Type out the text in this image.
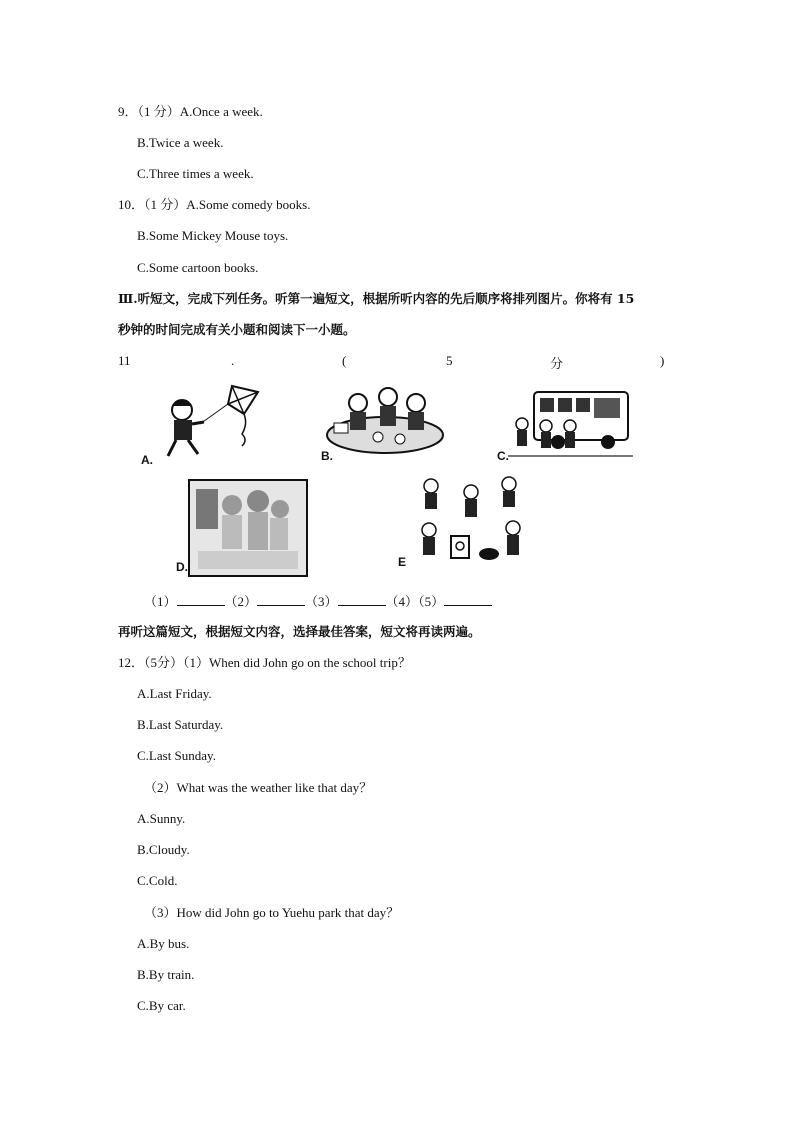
9．（1 分）A.Once a week.
B.Twice a week.
C.Three times a week.
10．（1 分）A.Some comedy books.
B.Some Mickey Mouse toys.
C.Some cartoon books.
Ⅲ.听短文，完成下列任务。听第一遍短文，根据所听内容的先后顺序将排列图片。你将有 15
秒钟的时间完成有关小题和阅读下一小题。
11	.	(	5	分	)
A.	B.	C.
D.	E
（1）	（2）	（3）	（4）（5）
再听这篇短文，根据短文内容，选择最佳答案，短文将再读两遍。
12．（5分）（1）When did John go on the school trip？
A.Last Friday.
B.Last Saturday.
C.Last Sunday.
（2）What was the weather like that day？
A.Sunny.
B.Cloudy.
C.Cold.
（3）How did John go to Yuehu park that day？
A.By bus.
B.By train.
C.By car.
